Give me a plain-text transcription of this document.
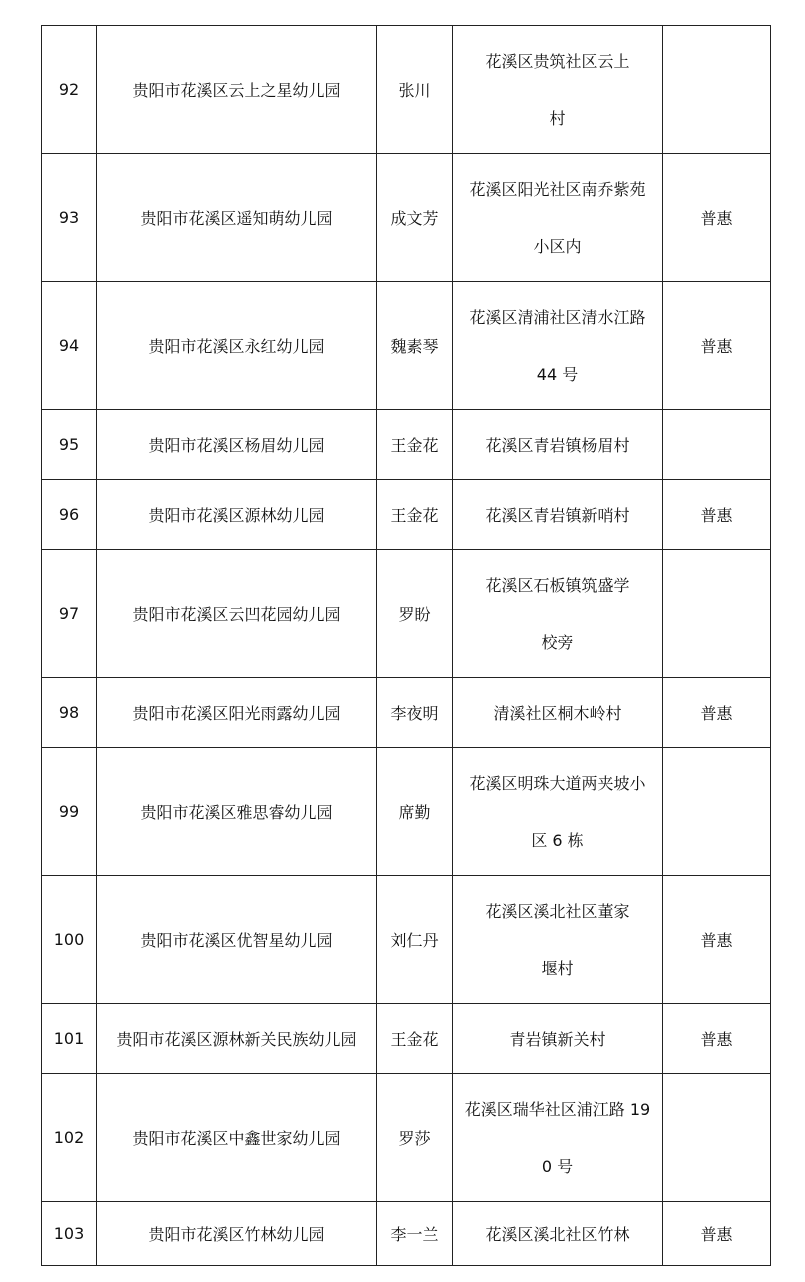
92	贵阳市花溪区云上之星幼儿园	张川	花溪区贵筑社区云上
村	
93	贵阳市花溪区遥知萌幼儿园	成文芳	花溪区阳光社区南乔紫苑
小区内	普惠
94	贵阳市花溪区永红幼儿园	魏素琴	花溪区清浦社区清水江路
44 号	普惠
95	贵阳市花溪区杨眉幼儿园	王金花	花溪区青岩镇杨眉村	
96	贵阳市花溪区源林幼儿园	王金花	花溪区青岩镇新哨村	普惠
97	贵阳市花溪区云凹花园幼儿园	罗盼	花溪区石板镇筑盛学
校旁	
98	贵阳市花溪区阳光雨露幼儿园	李夜明	清溪社区桐木岭村	普惠
99	贵阳市花溪区雅思睿幼儿园	席勤	花溪区明珠大道两夹坡小
区 6 栋	
100	贵阳市花溪区优智星幼儿园	刘仁丹	花溪区溪北社区董家
堰村	普惠
101	贵阳市花溪区源林新关民族幼儿园	王金花	青岩镇新关村	普惠
102	贵阳市花溪区中鑫世家幼儿园	罗莎	花溪区瑞华社区浦江路 19
0 号	
103	贵阳市花溪区竹林幼儿园	李一兰	花溪区溪北社区竹林	普惠
